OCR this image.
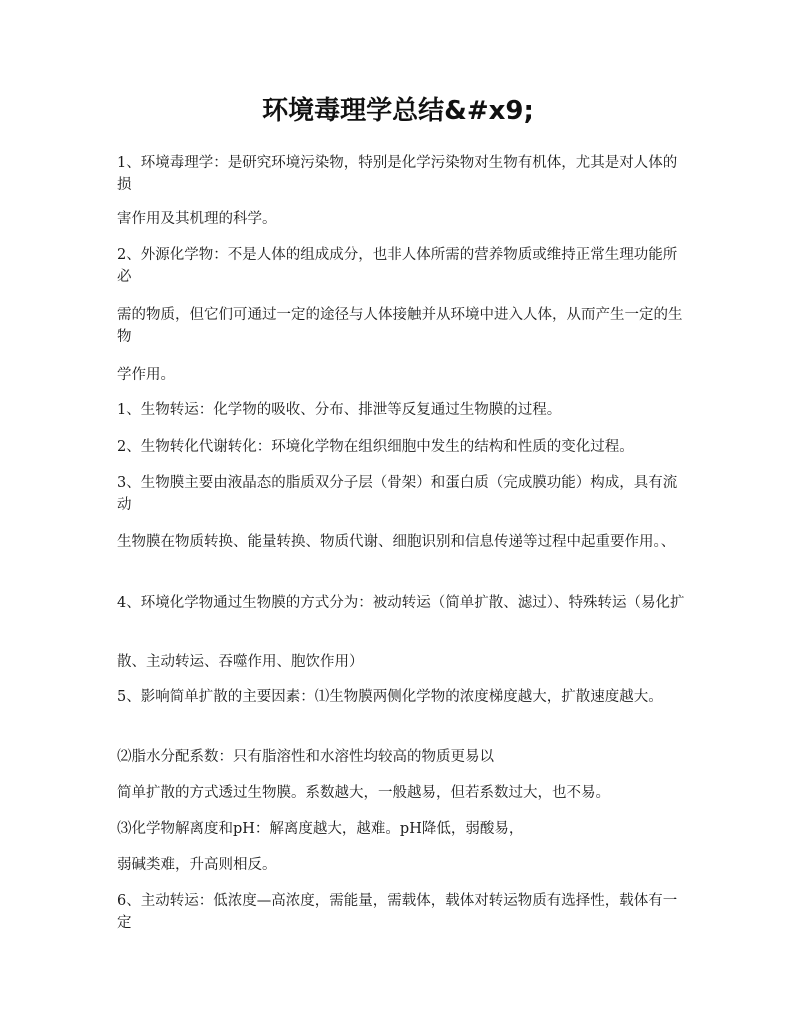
环境毒理学总结&#x9;

1、环境毒理学：是研究环境污染物，特别是化学污染物对生物有机体，尤其是对人体的损

害作用及其机理的科学。

2、外源化学物：不是人体的组成成分，也非人体所需的营养物质或维持正常生理功能所必

需的物质，但它们可通过一定的途径与人体接触并从环境中进入人体，从而产生一定的生物

学作用。

1、生物转运：化学物的吸收、分布、排泄等反复通过生物膜的过程。

2、生物转化代谢转化：环境化学物在组织细胞中发生的结构和性质的变化过程。

3、生物膜主要由液晶态的脂质双分子层（骨架）和蛋白质（完成膜功能）构成，具有流动

生物膜在物质转换、能量转换、物质代谢、细胞识别和信息传递等过程中起重要作用。、

4、环境化学物通过生物膜的方式分为：被动转运（简单扩散、滤过）、特殊转运（易化扩

散、主动转运、吞噬作用、胞饮作用）

5、影响简单扩散的主要因素：⑴生物膜两侧化学物的浓度梯度越大，扩散速度越大。

⑵脂水分配系数：只有脂溶性和水溶性均较高的物质更易以

简单扩散的方式透过生物膜。系数越大，一般越易，但若系数过大，也不易。

⑶化学物解离度和pH：解离度越大，越难。pH降低，弱酸易，

弱碱类难，升高则相反。

6、主动转运：低浓度—高浓度，需能量，需载体，载体对转运物质有选择性，载体有一定
